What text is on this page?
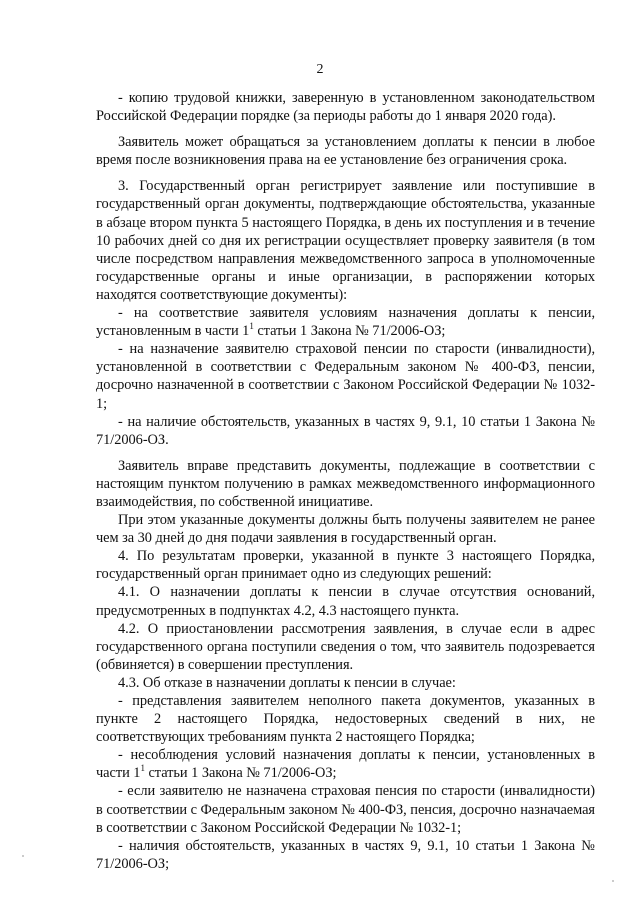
2

- копию трудовой книжки, заверенную в установленном законодательством Российской Федерации порядке (за периоды работы до 1 января 2020 года).

Заявитель может обращаться за установлением доплаты к пенсии в любое время после возникновения права на ее установление без ограничения срока.

3. Государственный орган регистрирует заявление или поступившие в государственный орган документы, подтверждающие обстоятельства, указанные в абзаце втором пункта 5 настоящего Порядка, в день их поступления и в течение 10 рабочих дней со дня их регистрации осуществляет проверку заявителя (в том числе посредством направления межведомственного запроса в уполномоченные государственные органы и иные организации, в распоряжении которых находятся соответствующие документы):

- на соответствие заявителя условиям назначения доплаты к пенсии, установленным в части $1^1$ статьи 1 Закона № 71/2006-ОЗ;

- на назначение заявителю страховой пенсии по старости (инвалидности), установленной в соответствии с Федеральным законом № 400-ФЗ, пенсии, досрочно назначенной в соответствии с Законом Российской Федерации № 1032-1;

- на наличие обстоятельств, указанных в частях 9, 9.1, 10 статьи 1 Закона № 71/2006-ОЗ.

Заявитель вправе представить документы, подлежащие в соответствии с настоящим пунктом получению в рамках межведомственного информационного взаимодействия, по собственной инициативе.

При этом указанные документы должны быть получены заявителем не ранее чем за 30 дней до дня подачи заявления в государственный орган.

4. По результатам проверки, указанной в пункте 3 настоящего Порядка, государственный орган принимает одно из следующих решений:

4.1. О назначении доплаты к пенсии в случае отсутствия оснований, предусмотренных в подпунктах 4.2, 4.3 настоящего пункта.

4.2. О приостановлении рассмотрения заявления, в случае если в адрес государственного органа поступили сведения о том, что заявитель подозревается (обвиняется) в совершении преступления.

4.3. Об отказе в назначении доплаты к пенсии в случае:

- представления заявителем неполного пакета документов, указанных в пункте 2 настоящего Порядка, недостоверных сведений в них, не соответствующих требованиям пункта 2 настоящего Порядка;

- несоблюдения условий назначения доплаты к пенсии, установленных в части $1^1$ статьи 1 Закона № 71/2006-ОЗ;

- если заявителю не назначена страховая пенсия по старости (инвалидности) в соответствии с Федеральным законом № 400-ФЗ, пенсия, досрочно назначаемая в соответствии с Законом Российской Федерации № 1032-1;

- наличия обстоятельств, указанных в частях 9, 9.1, 10 статьи 1 Закона № 71/2006-ОЗ;
